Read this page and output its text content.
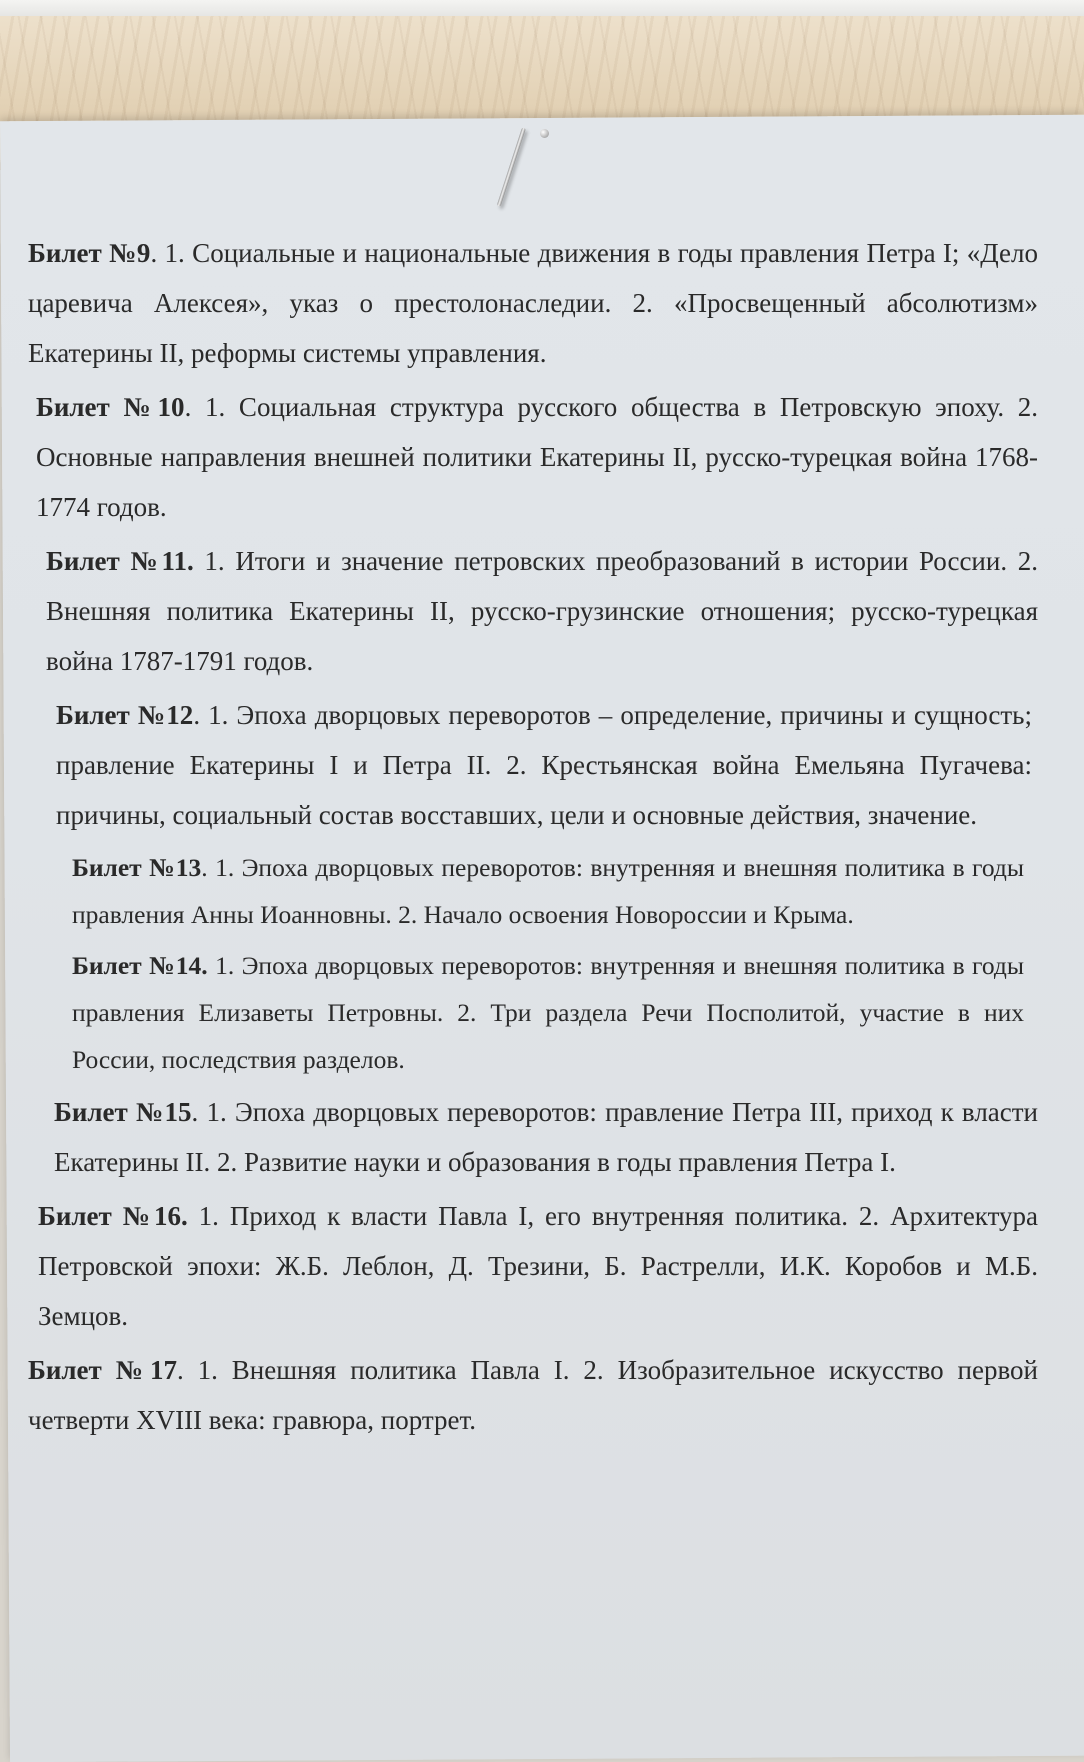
Билет №9. 1. Социальные и национальные движения в годы правления Петра I; «Дело царевича Алексея», указ о престолонаследии. 2. «Просвещенный абсолютизм» Екатерины II, реформы системы управления.

Билет №10. 1. Социальная структура русского общества в Петровскую эпоху. 2. Основные направления внешней политики Екатерины II, русско-турецкая война 1768-1774 годов.

Билет №11. 1. Итоги и значение петровских преобразований в истории России. 2. Внешняя политика Екатерины II, русско-грузинские отношения; русско-турецкая война 1787-1791 годов.

Билет №12. 1. Эпоха дворцовых переворотов – определение, причины и сущность; правление Екатерины I и Петра II. 2. Крестьянская война Емельяна Пугачева: причины, социальный состав восставших, цели и основные действия, значение.

Билет №13. 1. Эпоха дворцовых переворотов: внутренняя и внешняя политика в годы правления Анны Иоанновны. 2. Начало освоения Новороссии и Крыма.

Билет №14. 1. Эпоха дворцовых переворотов: внутренняя и внешняя политика в годы правления Елизаветы Петровны. 2. Три раздела Речи Посполитой, участие в них России, последствия разделов.

Билет №15. 1. Эпоха дворцовых переворотов: правление Петра III, приход к власти Екатерины II. 2. Развитие науки и образования в годы правления Петра I.

Билет №16. 1. Приход к власти Павла I, его внутренняя политика. 2. Архитектура Петровской эпохи: Ж.Б. Леблон, Д. Трезини, Б. Растрелли, И.К. Коробов и М.Б. Земцов.

Билет №17. 1. Внешняя политика Павла I. 2. Изобразительное искусство первой четверти XVIII века: гравюра, портрет.
